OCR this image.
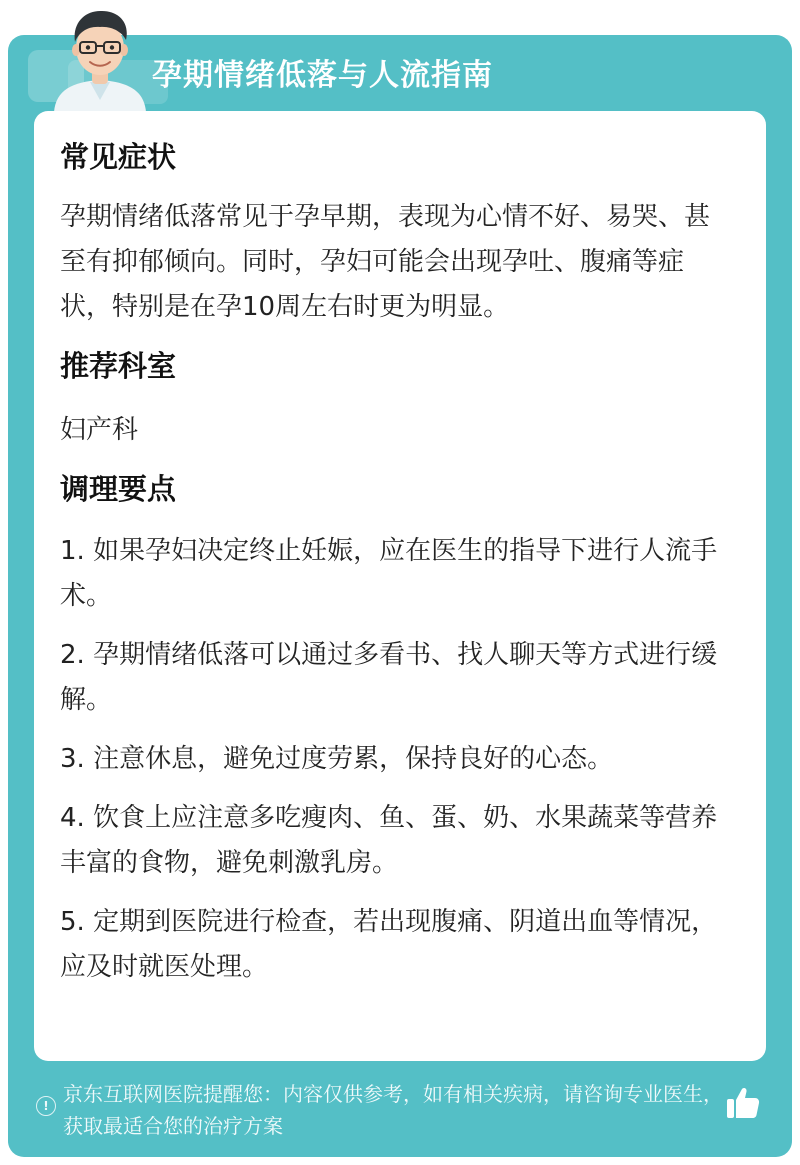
孕期情绪低落与人流指南
常见症状

孕期情绪低落常见于孕早期，表现为心情不好、易哭、甚至有抑郁倾向。同时，孕妇可能会出现孕吐、腹痛等症状，特别是在孕10周左右时更为明显。

推荐科室

妇产科

调理要点

1. 如果孕妇决定终止妊娠，应在医生的指导下进行人流手术。

2. 孕期情绪低落可以通过多看书、找人聊天等方式进行缓解。

3. 注意休息，避免过度劳累，保持良好的心态。

4. 饮食上应注意多吃瘦肉、鱼、蛋、奶、水果蔬菜等营养丰富的食物，避免刺激乳房。

5. 定期到医院进行检查，若出现腹痛、阴道出血等情况，应及时就医处理。

! 京东互联网医院提醒您：内容仅供参考，如有相关疾病，请咨询专业医生，获取最适合您的治疗方案
